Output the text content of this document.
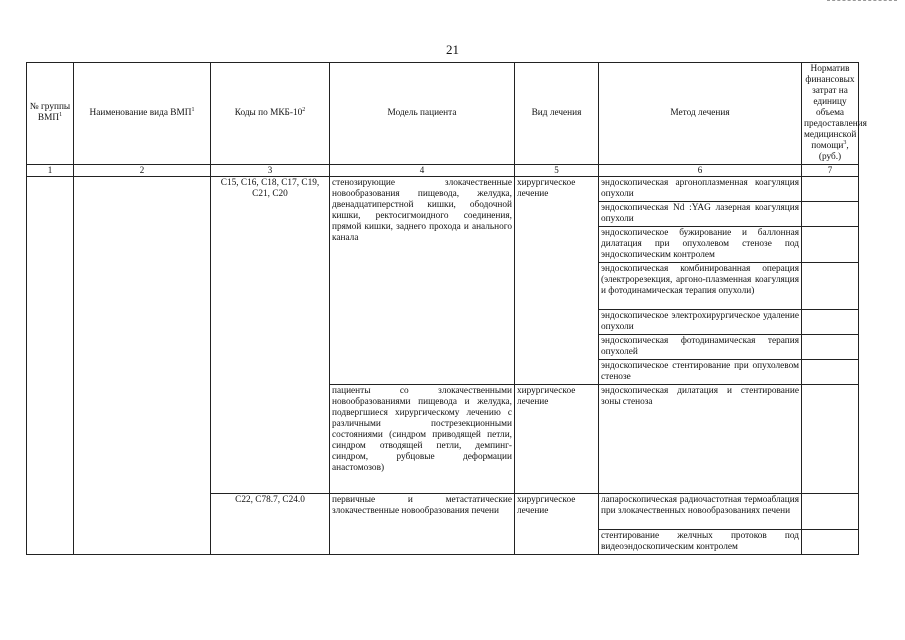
21
№ группы ВМП$^1$	Наименование вида ВМП$^1$	Коды по МКБ-$10^2$	Модель пациента	Вид лечения	Метод лечения	Норматив финансовых затрат на единицу объема предоставления медицинской помощи$^3$, (руб.)
1	2	3	4	5	6	7
		C15, C16, C18, C17, C19, C21, C20	стенозирующие злокачественные новообразования пищевода, желудка, двенадцатиперстной кишки, ободочной кишки, ректосигмоидного соединения, прямой кишки, заднего прохода и анального канала	хирургическое лечение	эндоскопическая аргоноплазменная коагуляция опухоли	
					эндоскопическая Nd :YAG лазерная коагуляция опухоли	
					эндоскопическое бужирование и баллонная дилатация при опухолевом стенозе под эндоскопическим контролем	
					эндоскопическая комбинированная операция (электрорезекция, аргоно-плазменная коагуляция и фотодинамическая терапия опухоли)	
					эндоскопическое электрохирургическое удаление опухоли	
					эндоскопическая фотодинамическая терапия опухолей	
					эндоскопическое стентирование при опухолевом стенозе	
			пациенты со злокачественными новообразованиями пищевода и желудка, подвергшиеся хирургическому лечению с различными пострезекционными состояниями (синдром приводящей петли, синдром отводящей петли, демпинг-синдром, рубцовые деформации анастомозов)	хирургическое лечение	эндоскопическая дилатация и стентирование зоны стеноза	
		C22, C78.7, C24.0	первичные и метастатические злокачественные новообразования печени	хирургическое лечение	лапароскопическая радиочастотная термоаблация при злокачественных новообразованиях печени	
					стентирование желчных протоков под видеоэндоскопическим контролем	
